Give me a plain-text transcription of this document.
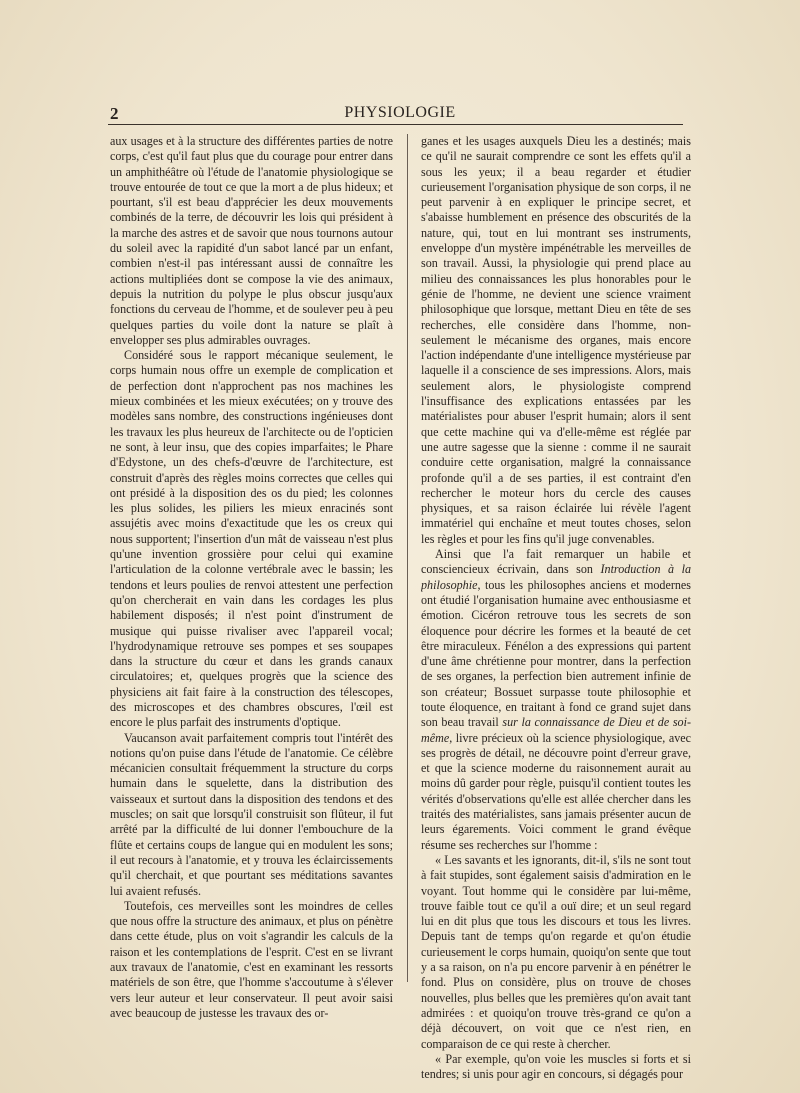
2	PHYSIOLOGIE

aux usages et à la structure des différentes parties de notre corps, c'est qu'il faut plus que du courage pour entrer dans un amphithéâtre où l'étude de l'anatomie physiologique se trouve entourée de tout ce que la mort a de plus hideux; et pourtant, s'il est beau d'apprécier les deux mouvements combinés de la terre, de découvrir les lois qui président à la marche des astres et de savoir que nous tournons autour du soleil avec la rapidité d'un sabot lancé par un enfant, combien n'est-il pas intéressant aussi de connaître les actions multipliées dont se compose la vie des animaux, depuis la nutrition du polype le plus obscur jusqu'aux fonctions du cerveau de l'homme, et de soulever peu à peu quelques parties du voile dont la nature se plaît à envelopper ses plus admirables ouvrages.

Considéré sous le rapport mécanique seulement, le corps humain nous offre un exemple de complication et de perfection dont n'approchent pas nos machines les mieux combinées et les mieux exécutées; on y trouve des modèles sans nombre, des constructions ingénieuses dont les travaux les plus heureux de l'architecte ou de l'opticien ne sont, à leur insu, que des copies imparfaites; le Phare d'Edystone, un des chefs-d'œuvre de l'architecture, est construit d'après des règles moins correctes que celles qui ont présidé à la disposition des os du pied; les colonnes les plus solides, les piliers les mieux enracinés sont assujétis avec moins d'exactitude que les os creux qui nous supportent; l'insertion d'un mât de vaisseau n'est plus qu'une invention grossière pour celui qui examine l'articulation de la colonne vertébrale avec le bassin; les tendons et leurs poulies de renvoi attestent une perfection qu'on chercherait en vain dans les cordages les plus habilement disposés; il n'est point d'instrument de musique qui puisse rivaliser avec l'appareil vocal; l'hydrodynamique retrouve ses pompes et ses soupapes dans la structure du cœur et dans les grands canaux circulatoires; et, quelques progrès que la science des physiciens ait fait faire à la construction des télescopes, des microscopes et des chambres obscures, l'œil est encore le plus parfait des instruments d'optique.

Vaucanson avait parfaitement compris tout l'intérêt des notions qu'on puise dans l'étude de l'anatomie. Ce célèbre mécanicien consultait fréquemment la structure du corps humain dans le squelette, dans la distribution des vaisseaux et surtout dans la disposition des tendons et des muscles; on sait que lorsqu'il construisit son flûteur, il fut arrêté par la difficulté de lui donner l'embouchure de la flûte et certains coups de langue qui en modulent les sons; il eut recours à l'anatomie, et y trouva les éclaircissements qu'il cherchait, et que pourtant ses méditations savantes lui avaient refusés.

Toutefois, ces merveilles sont les moindres de celles que nous offre la structure des animaux, et plus on pénètre dans cette étude, plus on voit s'agrandir les calculs de la raison et les contemplations de l'esprit. C'est en se livrant aux travaux de l'anatomie, c'est en examinant les ressorts matériels de son être, que l'homme s'accoutume à s'élever vers leur auteur et leur conservateur. Il peut avoir saisi avec beaucoup de justesse les travaux des or-

ganes et les usages auxquels Dieu les a destinés; mais ce qu'il ne saurait comprendre ce sont les effets qu'il a sous les yeux; il a beau regarder et étudier curieusement l'organisation physique de son corps, il ne peut parvenir à en expliquer le principe secret, et s'abaisse humblement en présence des obscurités de la nature, qui, tout en lui montrant ses instruments, enveloppe d'un mystère impénétrable les merveilles de son travail. Aussi, la physiologie qui prend place au milieu des connaissances les plus honorables pour le génie de l'homme, ne devient une science vraiment philosophique que lorsque, mettant Dieu en tête de ses recherches, elle considère dans l'homme, non-seulement le mécanisme des organes, mais encore l'action indépendante d'une intelligence mystérieuse par laquelle il a conscience de ses impressions. Alors, mais seulement alors, le physiologiste comprend l'insuffisance des explications entassées par les matérialistes pour abuser l'esprit humain; alors il sent que cette machine qui va d'elle-même est réglée par une autre sagesse que la sienne : comme il ne saurait conduire cette organisation, malgré la connaissance profonde qu'il a de ses parties, il est contraint d'en rechercher le moteur hors du cercle des causes physiques, et sa raison éclairée lui révèle l'agent immatériel qui enchaîne et meut toutes choses, selon les règles et pour les fins qu'il juge convenables.

Ainsi que l'a fait remarquer un habile et consciencieux écrivain, dans son Introduction à la philosophie, tous les philosophes anciens et modernes ont étudié l'organisation humaine avec enthousiasme et émotion. Cicéron retrouve tous les secrets de son éloquence pour décrire les formes et la beauté de cet être miraculeux. Fénélon a des expressions qui partent d'une âme chrétienne pour montrer, dans la perfection de ses organes, la perfection bien autrement infinie de son créateur; Bossuet surpasse toute philosophie et toute éloquence, en traitant à fond ce grand sujet dans son beau travail sur la connaissance de Dieu et de soi-même, livre précieux où la science physiologique, avec ses progrès de détail, ne découvre point d'erreur grave, et que la science moderne du raisonnement aurait au moins dû garder pour règle, puisqu'il contient toutes les vérités d'observations qu'elle est allée chercher dans les traités des matérialistes, sans jamais présenter aucun de leurs égarements. Voici comment le grand évêque résume ses recherches sur l'homme :

« Les savants et les ignorants, dit-il, s'ils ne sont tout à fait stupides, sont également saisis d'admiration en le voyant. Tout homme qui le considère par lui-même, trouve faible tout ce qu'il a ouï dire; et un seul regard lui en dit plus que tous les discours et tous les livres. Depuis tant de temps qu'on regarde et qu'on étudie curieusement le corps humain, quoiqu'on sente que tout y a sa raison, on n'a pu encore parvenir à en pénétrer le fond. Plus on considère, plus on trouve de choses nouvelles, plus belles que les premières qu'on avait tant admirées : et quoiqu'on trouve très-grand ce qu'on a déjà découvert, on voit que ce n'est rien, en comparaison de ce qui reste à chercher.

« Par exemple, qu'on voie les muscles si forts et si tendres; si unis pour agir en concours, si dégagés pour
